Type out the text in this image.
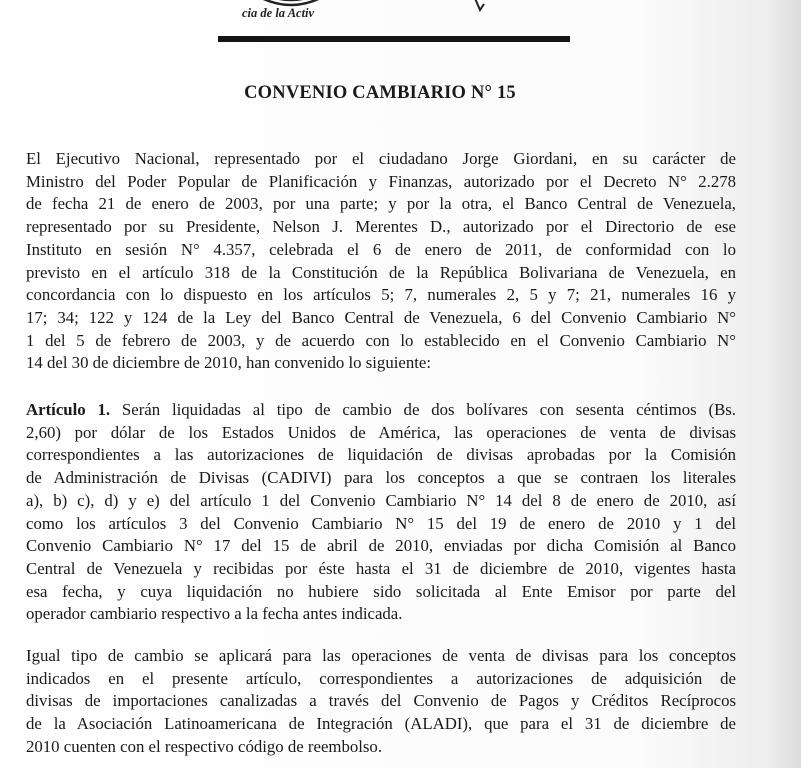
cia de la Activ
CONVENIO CAMBIARIO N° 15
El Ejecutivo Nacional, representado por el ciudadano Jorge Giordani, en su carácter de
Ministro del Poder Popular de Planificación y Finanzas, autorizado por el Decreto N° 2.278
de fecha 21 de enero de 2003, por una parte; y por la otra, el Banco Central de Venezuela,
representado por su Presidente, Nelson J. Merentes D., autorizado por el Directorio de ese
Instituto en sesión N° 4.357, celebrada el 6 de enero de 2011, de conformidad con lo
previsto en el artículo 318 de la Constitución de la República Bolivariana de Venezuela, en
concordancia con lo dispuesto en los artículos 5; 7, numerales 2, 5 y 7; 21, numerales 16 y
17; 34; 122 y 124 de la Ley del Banco Central de Venezuela, 6 del Convenio Cambiario N°
1 del 5 de febrero de 2003, y de acuerdo con lo establecido en el Convenio Cambiario N°
14 del 30 de diciembre de 2010, han convenido lo siguiente:
Artículo 1. Serán liquidadas al tipo de cambio de dos bolívares con sesenta céntimos (Bs.
2,60) por dólar de los Estados Unidos de América, las operaciones de venta de divisas
correspondientes a las autorizaciones de liquidación de divisas aprobadas por la Comisión
de Administración de Divisas (CADIVI) para los conceptos a que se contraen los literales
a), b) c), d) y e) del artículo 1 del Convenio Cambiario N° 14 del 8 de enero de 2010, así
como los artículos 3 del Convenio Cambiario N° 15 del 19 de enero de 2010 y 1 del
Convenio Cambiario N° 17 del 15 de abril de 2010, enviadas por dicha Comisión al Banco
Central de Venezuela y recibidas por éste hasta el 31 de diciembre de 2010, vigentes hasta
esa fecha, y cuya liquidación no hubiere sido solicitada al Ente Emisor por parte del
operador cambiario respectivo a la fecha antes indicada.
Igual tipo de cambio se aplicará para las operaciones de venta de divisas para los conceptos
indicados en el presente artículo, correspondientes a autorizaciones de adquisición de
divisas de importaciones canalizadas a través del Convenio de Pagos y Créditos Recíprocos
de la Asociación Latinoamericana de Integración (ALADI), que para el 31 de diciembre de
2010 cuenten con el respectivo código de reembolso.
